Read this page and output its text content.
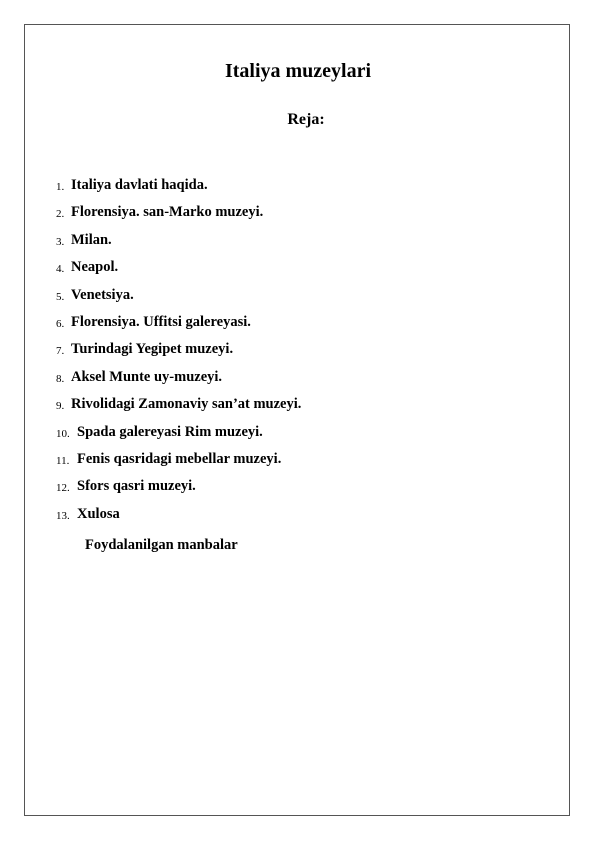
Italiya muzeylari
Reja:
1. Italiya davlati haqida.
2. Florensiya. san-Marko muzeyi.
3. Milan.
4. Neapol.
5. Venetsiya.
6. Florensiya. Uffitsi galereyasi.
7. Turindagi Yegipet muzeyi.
8. Aksel Munte uy-muzeyi.
9. Rivolidagi Zamonaviy san’at muzeyi.
10. Spada galereyasi Rim muzeyi.
11. Fenis qasridagi mebellar muzeyi.
12. Sfors qasri muzeyi.
13. Xulosa
Foydalanilgan manbalar
